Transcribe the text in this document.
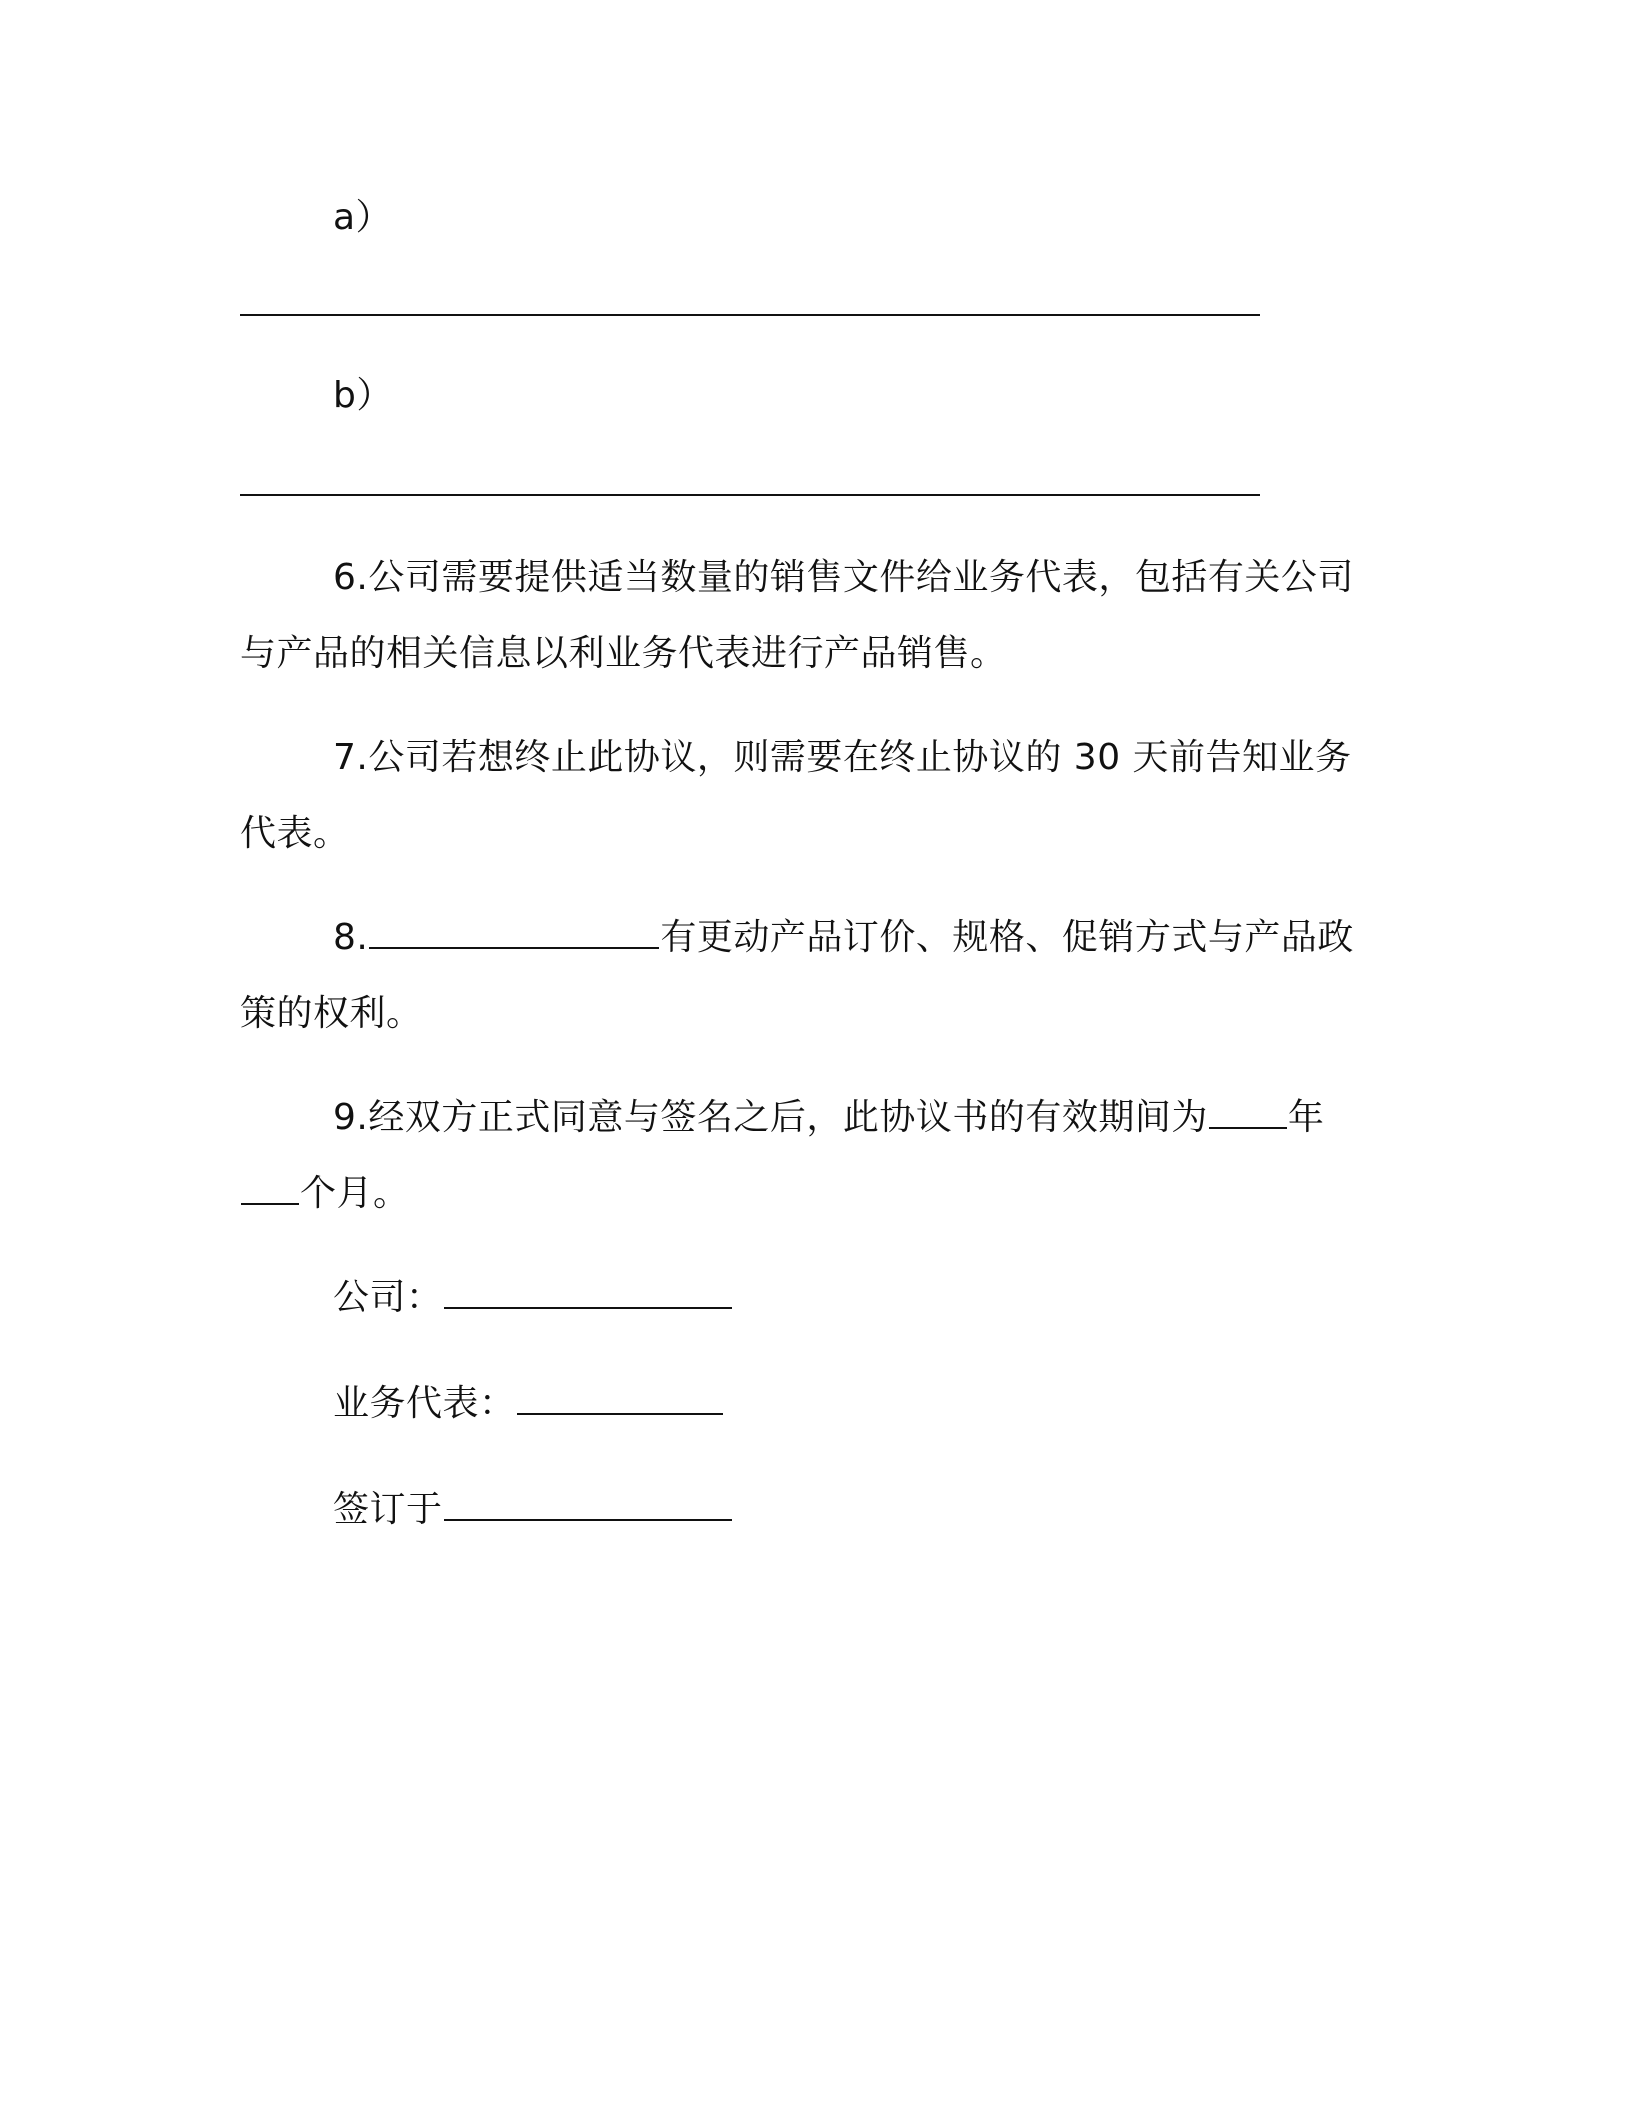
a）
b）
6.公司需要提供适当数量的销售文件给业务代表，包括有关公司
与产品的相关信息以利业务代表进行产品销售。
7.公司若想终止此协议，则需要在终止协议的 30 天前告知业务
代表。
8.	有更动产品订价、规格、促销方式与产品政
策的权利。
9.经双方正式同意与签名之后，此协议书的有效期间为 年
个月。
公司：
业务代表：
签订于
